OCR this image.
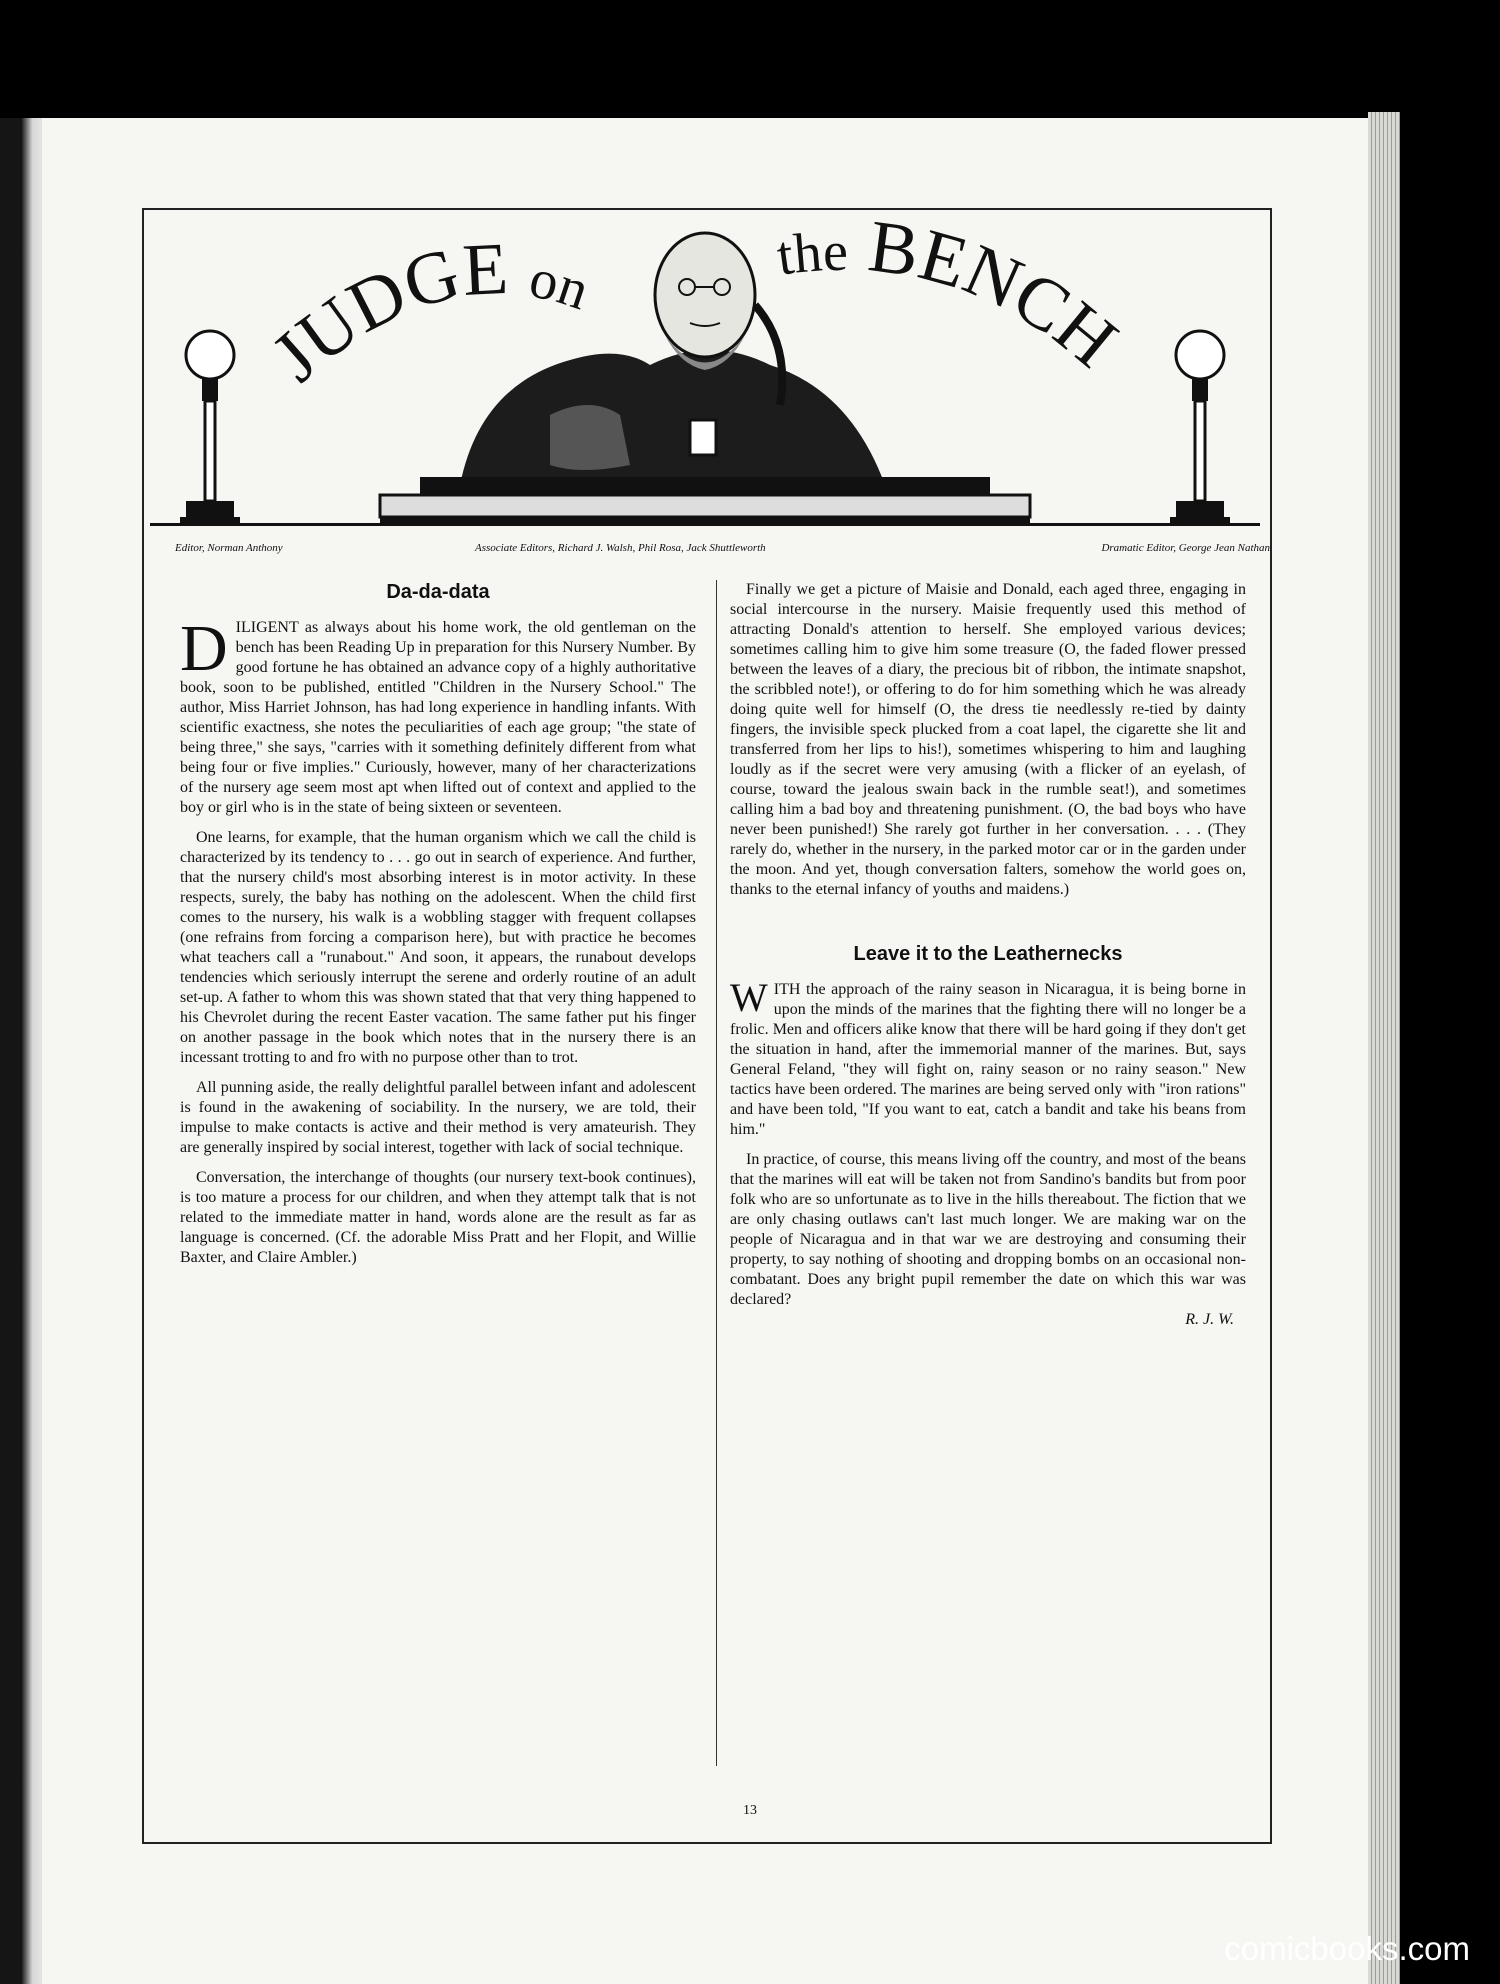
JUDGE on	the BENCH
Editor, Norman Anthony	Associate Editors, Richard J. Walsh, Phil Rosa, Jack Shuttleworth	Dramatic Editor, George Jean Nathan
Da-da-data

DILIGENT as always about his home work, the old gentleman on the bench has been Reading Up in preparation for this Nursery Number. By good fortune he has obtained an advance copy of a highly authoritative book, soon to be published, entitled "Children in the Nursery School." The author, Miss Harriet Johnson, has had long experience in handling infants. With scientific exactness, she notes the peculiarities of each age group; "the state of being three," she says, "carries with it something definitely different from what being four or five implies." Curiously, however, many of her characterizations of the nursery age seem most apt when lifted out of context and applied to the boy or girl who is in the state of being sixteen or seventeen.

One learns, for example, that the human organism which we call the child is characterized by its tendency to . . . go out in search of experience. And further, that the nursery child's most absorbing interest is in motor activity. In these respects, surely, the baby has nothing on the adolescent. When the child first comes to the nursery, his walk is a wobbling stagger with frequent collapses (one refrains from forcing a comparison here), but with practice he becomes what teachers call a "runabout." And soon, it appears, the runabout develops tendencies which seriously interrupt the serene and orderly routine of an adult set-up. A father to whom this was shown stated that that very thing happened to his Chevrolet during the recent Easter vacation. The same father put his finger on another passage in the book which notes that in the nursery there is an incessant trotting to and fro with no purpose other than to trot.

All punning aside, the really delightful parallel between infant and adolescent is found in the awakening of sociability. In the nursery, we are told, their impulse to make contacts is active and their method is very amateurish. They are generally inspired by social interest, together with lack of social technique.

Conversation, the interchange of thoughts (our nursery text-book continues), is too mature a process for our children, and when they attempt talk that is not related to the immediate matter in hand, words alone are the result as far as language is concerned. (Cf. the adorable Miss Pratt and her Flopit, and Willie Baxter, and Claire Ambler.)

Finally we get a picture of Maisie and Donald, each aged three, engaging in social intercourse in the nursery. Maisie frequently used this method of attracting Donald's attention to herself. She employed various devices; sometimes calling him to give him some treasure (O, the faded flower pressed between the leaves of a diary, the precious bit of ribbon, the intimate snapshot, the scribbled note!), or offering to do for him something which he was already doing quite well for himself (O, the dress tie needlessly re-tied by dainty fingers, the invisible speck plucked from a coat lapel, the cigarette she lit and transferred from her lips to his!), sometimes whispering to him and laughing loudly as if the secret were very amusing (with a flicker of an eyelash, of course, toward the jealous swain back in the rumble seat!), and sometimes calling him a bad boy and threatening punishment. (O, the bad boys who have never been punished!) She rarely got further in her conversation. . . . (They rarely do, whether in the nursery, in the parked motor car or in the garden under the moon. And yet, though conversation falters, somehow the world goes on, thanks to the eternal infancy of youths and maidens.)

Leave it to the Leathernecks

WITH the approach of the rainy season in Nicaragua, it is being borne in upon the minds of the marines that the fighting there will no longer be a frolic. Men and officers alike know that there will be hard going if they don't get the situation in hand, after the immemorial manner of the marines. But, says General Feland, "they will fight on, rainy season or no rainy season." New tactics have been ordered. The marines are being served only with "iron rations" and have been told, "If you want to eat, catch a bandit and take his beans from him."

In practice, of course, this means living off the country, and most of the beans that the marines will eat will be taken not from Sandino's bandits but from poor folk who are so unfortunate as to live in the hills thereabout. The fiction that we are only chasing outlaws can't last much longer. We are making war on the people of Nicaragua and in that war we are destroying and consuming their property, to say nothing of shooting and dropping bombs on an occasional non-combatant. Does any bright pupil remember the date on which this war was declared?

R. J. W.

13
comicbooks.com
